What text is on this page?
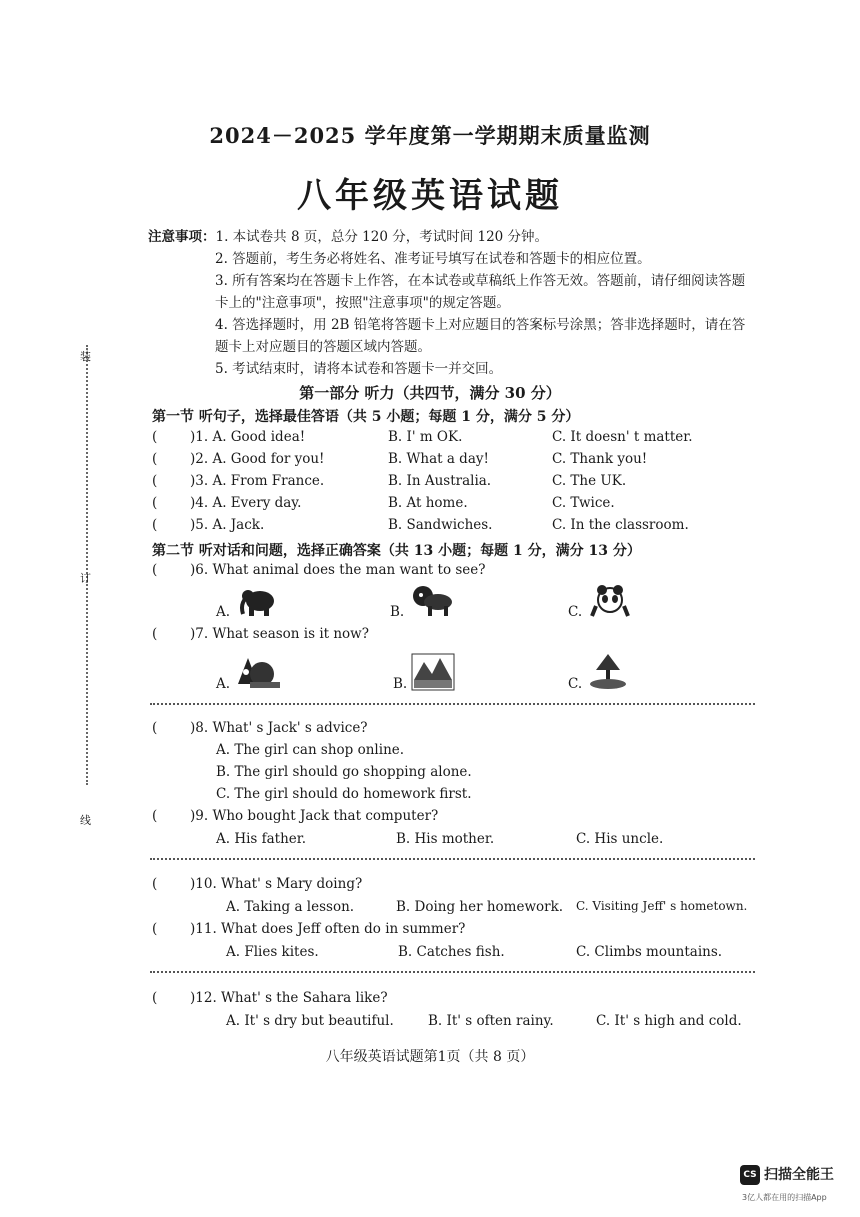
2024－2025 学年度第一学期期末质量监测
八年级英语试题
注意事项：1. 本试卷共 8 页，总分 120 分，考试时间 120 分钟。
2. 答题前，考生务必将姓名、准考证号填写在试卷和答题卡的相应位置。
3. 所有答案均在答题卡上作答，在本试卷或草稿纸上作答无效。答题前，请仔细阅读答题卡上的"注意事项"，按照"注意事项"的规定答题。
4. 答选择题时，用 2B 铅笔将答题卡上对应题目的答案标号涂黑；答非选择题时，请在答题卡上对应题目的答题区域内答题。
5. 考试结束时，请将本试卷和答题卡一并交回。
装
订
线
第一部分 听力（共四节，满分 30 分）
第一节 听句子，选择最佳答语（共 5 小题；每题 1 分，满分 5 分）
( )1. A. Good idea!	B. I' m OK.	C. It doesn' t matter.
( )2. A. Good for you!	B. What a day!	C. Thank you!
( )3. A. From France.	B. In Australia.	C. The UK.
( )4. A. Every day.	B. At home.	C. Twice.
( )5. A. Jack.	B. Sandwiches.	C. In the classroom.
第二节 听对话和问题，选择正确答案（共 13 小题；每题 1 分，满分 13 分）
( )6. What animal does the man want to see?
A.	B.	C.
( )7. What season is it now?
A.	B.	C.
( )8. What' s Jack' s advice?
A. The girl can shop online.
B. The girl should go shopping alone.
C. The girl should do homework first.
( )9. Who bought Jack that computer?
A. His father.	B. His mother.	C. His uncle.
( )10. What' s Mary doing?
A. Taking a lesson.	B. Doing her homework. C. Visiting Jeff' s hometown.
( )11. What does Jeff often do in summer?
A. Flies kites.	B. Catches fish.	C. Climbs mountains.
( )12. What' s the Sahara like?
A. It' s dry but beautiful.	B. It' s often rainy.	C. It' s high and cold.
八年级英语试题第1页（共 8 页）
CS 扫描全能王
3亿人都在用的扫描App
